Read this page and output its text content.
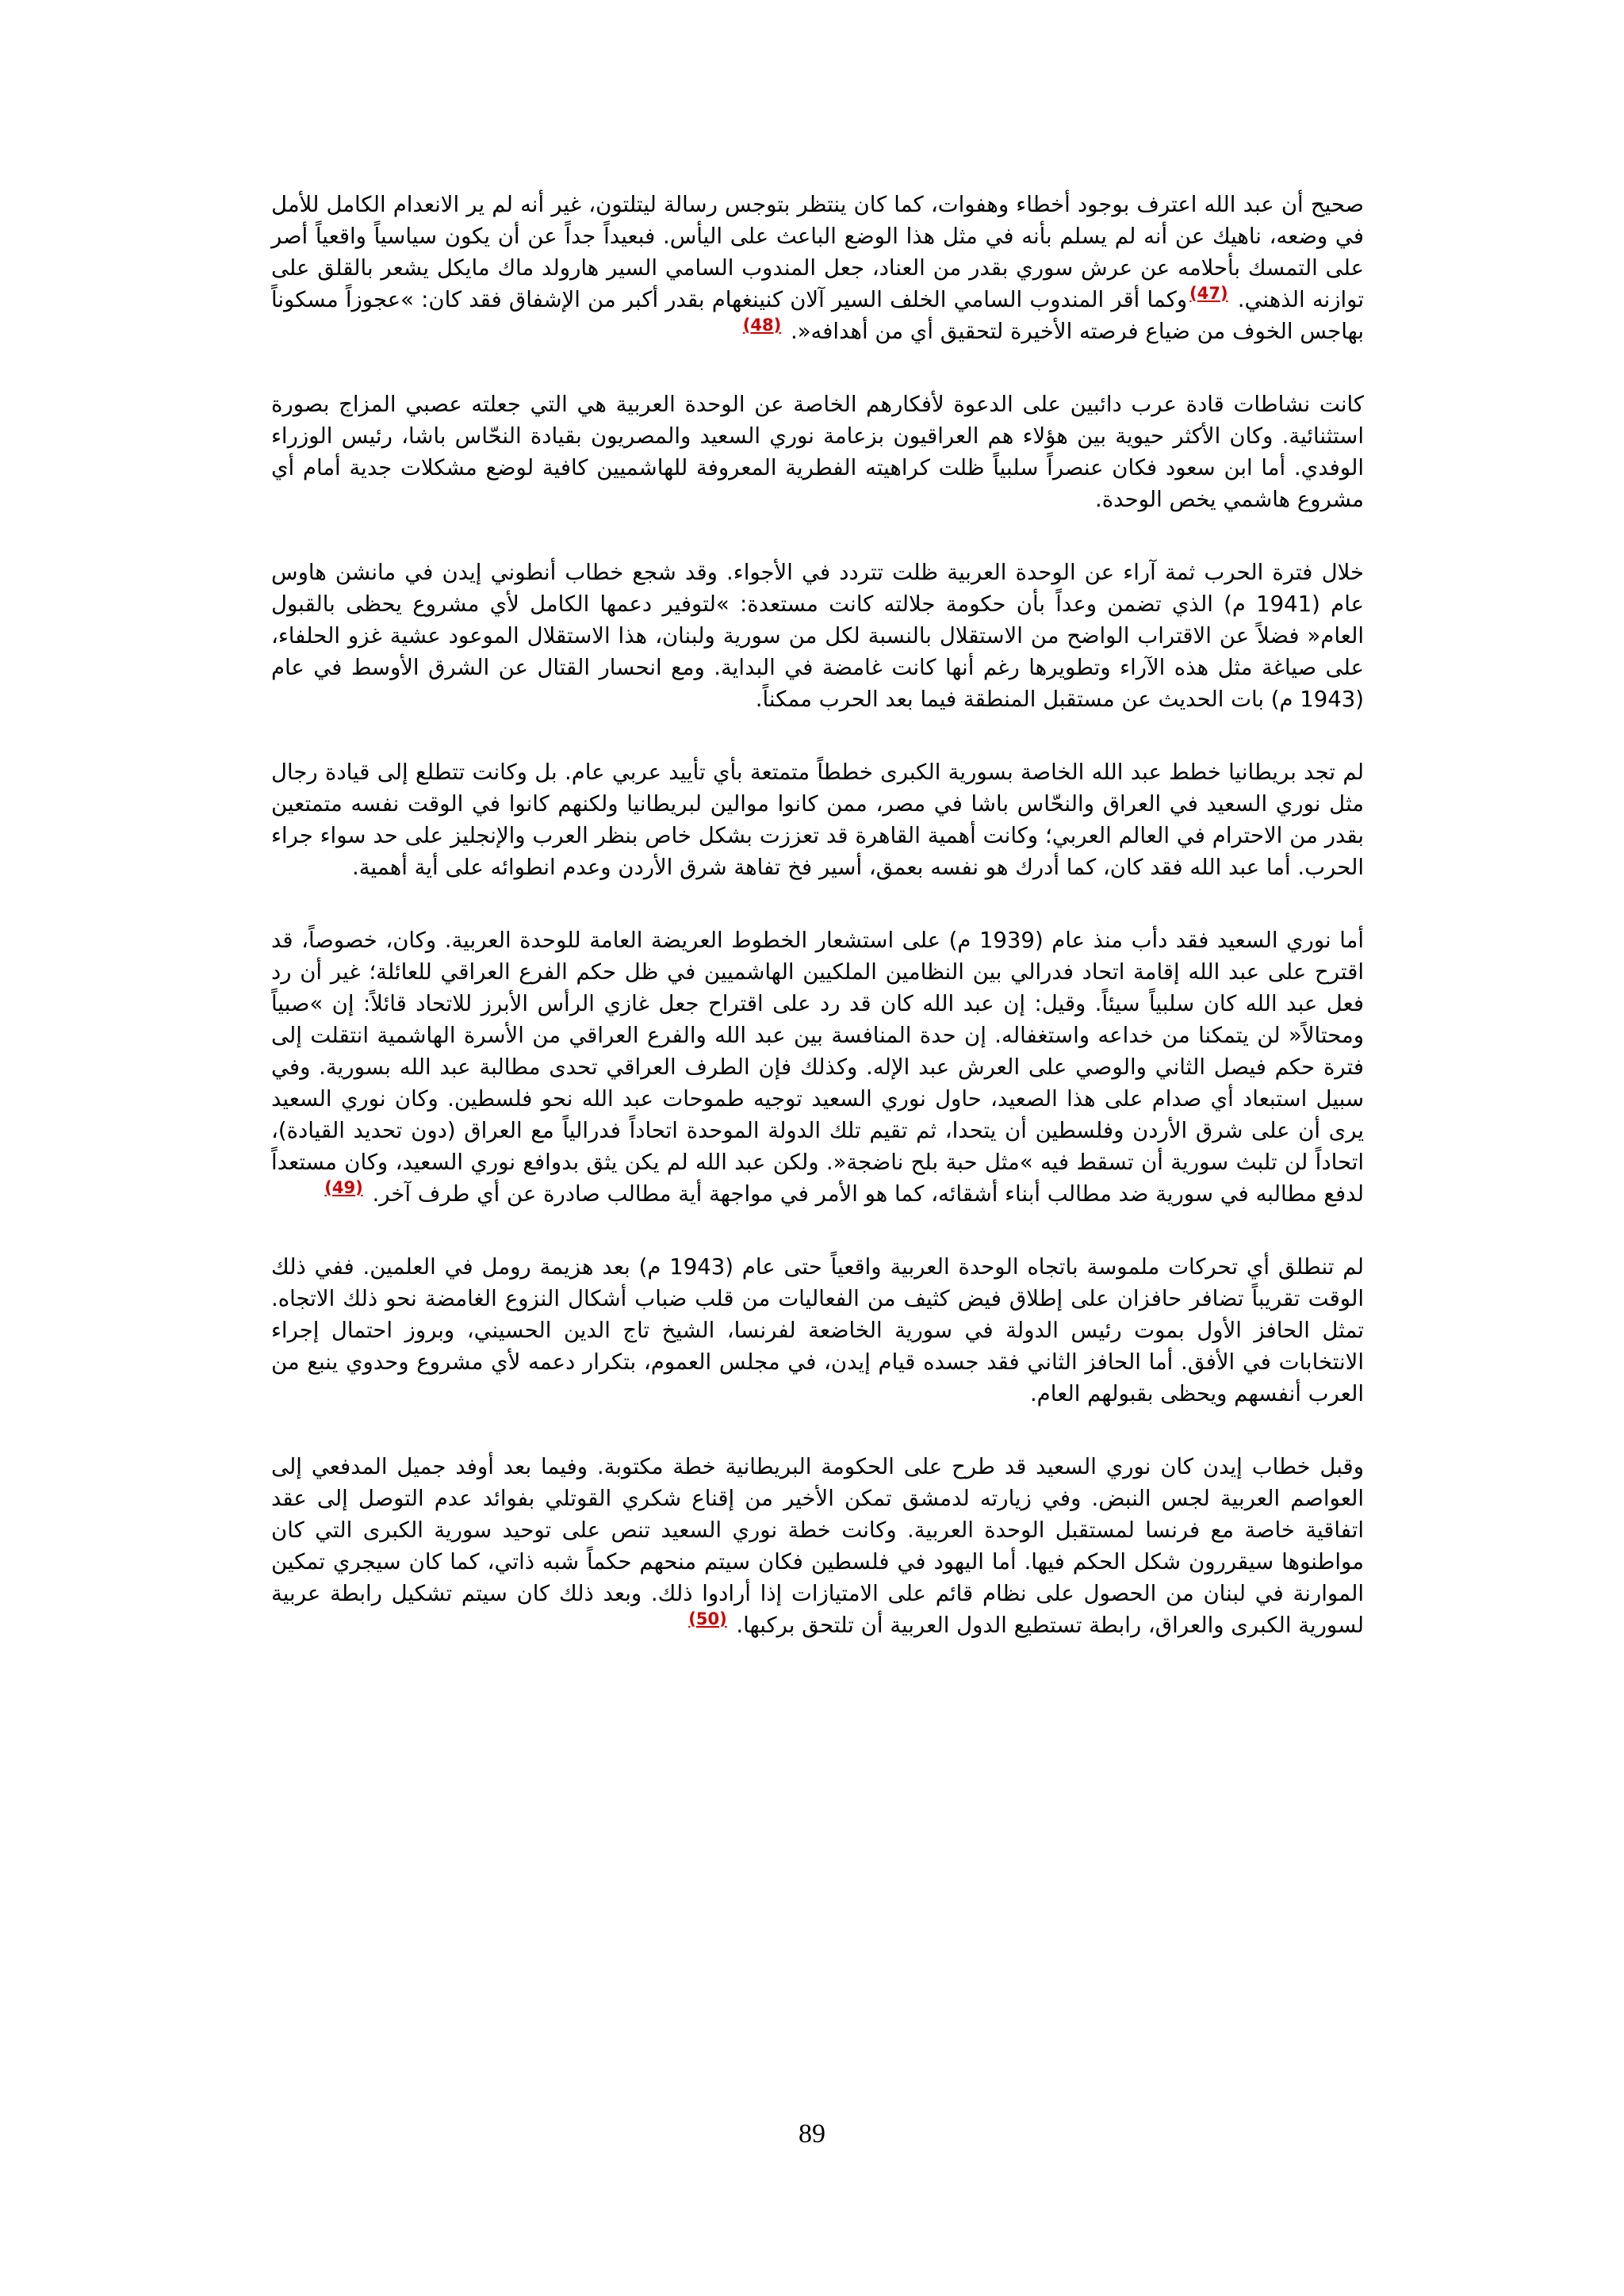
صحيح أن عبد الله اعترف بوجود أخطاء وهفوات، كما كان ينتظر بتوجس رسالة ليتلتون، غير أنه لم ير الانعدام الكامل للأمل في وضعه، ناهيك عن أنه لم يسلم بأنه في مثل هذا الوضع الباعث على اليأس. فبعيداً جداً عن أن يكون سياسياً واقعياً أصر على التمسك بأحلامه عن عرش سوري بقدر من العناد، جعل المندوب السامي السير هارولد ماك مايكل يشعر بالقلق على توازنه الذهني. $^{(47)}$وكما أقر المندوب السامي الخلف السير آلان كنينغهام بقدر أكبر من الإشفاق فقد كان: »عجوزاً مسكوناً بهاجس الخوف من ضياع فرصته الأخيرة لتحقيق أي من أهدافه«. $^{(48)}$

كانت نشاطات قادة عرب دائبين على الدعوة لأفكارهم الخاصة عن الوحدة العربية هي التي جعلته عصبي المزاج بصورة استثنائية. وكان الأكثر حيوية بين هؤلاء هم العراقيون بزعامة نوري السعيد والمصريون بقيادة النحّاس باشا، رئيس الوزراء الوفدي. أما ابن سعود فكان عنصراً سلبياً ظلت كراهيته الفطرية المعروفة للهاشميين كافية لوضع مشكلات جدية أمام أي مشروع هاشمي يخص الوحدة.

خلال فترة الحرب ثمة آراء عن الوحدة العربية ظلت تتردد في الأجواء. وقد شجع خطاب أنطوني إيدن في مانشن هاوس عام (1941 م) الذي تضمن وعداً بأن حكومة جلالته كانت مستعدة: »لتوفير دعمها الكامل لأي مشروع يحظى بالقبول العام« فضلاً عن الاقتراب الواضح من الاستقلال بالنسبة لكل من سورية ولبنان، هذا الاستقلال الموعود عشية غزو الحلفاء، على صياغة مثل هذه الآراء وتطويرها رغم أنها كانت غامضة في البداية. ومع انحسار القتال عن الشرق الأوسط في عام (1943 م) بات الحديث عن مستقبل المنطقة فيما بعد الحرب ممكناً.

لم تجد بريطانيا خطط عبد الله الخاصة بسورية الكبرى خططاً متمتعة بأي تأييد عربي عام. بل وكانت تتطلع إلى قيادة رجال مثل نوري السعيد في العراق والنحّاس باشا في مصر، ممن كانوا موالين لبريطانيا ولكنهم كانوا في الوقت نفسه متمتعين بقدر من الاحترام في العالم العربي؛ وكانت أهمية القاهرة قد تعززت بشكل خاص بنظر العرب والإنجليز على حد سواء جراء الحرب. أما عبد الله فقد كان، كما أدرك هو نفسه بعمق، أسير فخ تفاهة شرق الأردن وعدم انطوائه على أية أهمية.

أما نوري السعيد فقد دأب منذ عام (1939 م) على استشعار الخطوط العريضة العامة للوحدة العربية. وكان، خصوصاً، قد اقترح على عبد الله إقامة اتحاد فدرالي بين النظامين الملكيين الهاشميين في ظل حكم الفرع العراقي للعائلة؛ غير أن رد فعل عبد الله كان سلبياً سيئاً. وقيل: إن عبد الله كان قد رد على اقتراح جعل غازي الرأس الأبرز للاتحاد قائلاً: إن »صبياً ومحتالاً« لن يتمكنا من خداعه واستغفاله. إن حدة المنافسة بين عبد الله والفرع العراقي من الأسرة الهاشمية انتقلت إلى فترة حكم فيصل الثاني والوصي على العرش عبد الإله. وكذلك فإن الطرف العراقي تحدى مطالبة عبد الله بسورية. وفي سبيل استبعاد أي صدام على هذا الصعيد، حاول نوري السعيد توجيه طموحات عبد الله نحو فلسطين. وكان نوري السعيد يرى أن على شرق الأردن وفلسطين أن يتحدا، ثم تقيم تلك الدولة الموحدة اتحاداً فدرالياً مع العراق (دون تحديد القيادة)، اتحاداً لن تلبث سورية أن تسقط فيه »مثل حبة بلح ناضجة«. ولكن عبد الله لم يكن يثق بدوافع نوري السعيد، وكان مستعداً لدفع مطالبه في سورية ضد مطالب أبناء أشقائه، كما هو الأمر في مواجهة أية مطالب صادرة عن أي طرف آخر. $^{(49)}$

لم تنطلق أي تحركات ملموسة باتجاه الوحدة العربية واقعياً حتى عام (1943 م) بعد هزيمة رومل في العلمين. ففي ذلك الوقت تقريباً تضافر حافزان على إطلاق فيض كثيف من الفعاليات من قلب ضباب أشكال النزوع الغامضة نحو ذلك الاتجاه. تمثل الحافز الأول بموت رئيس الدولة في سورية الخاضعة لفرنسا، الشيخ تاج الدين الحسيني، وبروز احتمال إجراء الانتخابات في الأفق. أما الحافز الثاني فقد جسده قيام إيدن، في مجلس العموم، بتكرار دعمه لأي مشروع وحدوي ينبع من العرب أنفسهم ويحظى بقبولهم العام.

وقبل خطاب إيدن كان نوري السعيد قد طرح على الحكومة البريطانية خطة مكتوبة. وفيما بعد أوفد جميل المدفعي إلى العواصم العربية لجس النبض. وفي زيارته لدمشق تمكن الأخير من إقناع شكري القوتلي بفوائد عدم التوصل إلى عقد اتفاقية خاصة مع فرنسا لمستقبل الوحدة العربية. وكانت خطة نوري السعيد تنص على توحيد سورية الكبرى التي كان مواطنوها سيقررون شكل الحكم فيها. أما اليهود في فلسطين فكان سيتم منحهم حكماً شبه ذاتي، كما كان سيجري تمكين الموارنة في لبنان من الحصول على نظام قائم على الامتيازات إذا أرادوا ذلك. وبعد ذلك كان سيتم تشكيل رابطة عربية لسورية الكبرى والعراق، رابطة تستطيع الدول العربية أن تلتحق بركبها. $^{(50)}$

89
